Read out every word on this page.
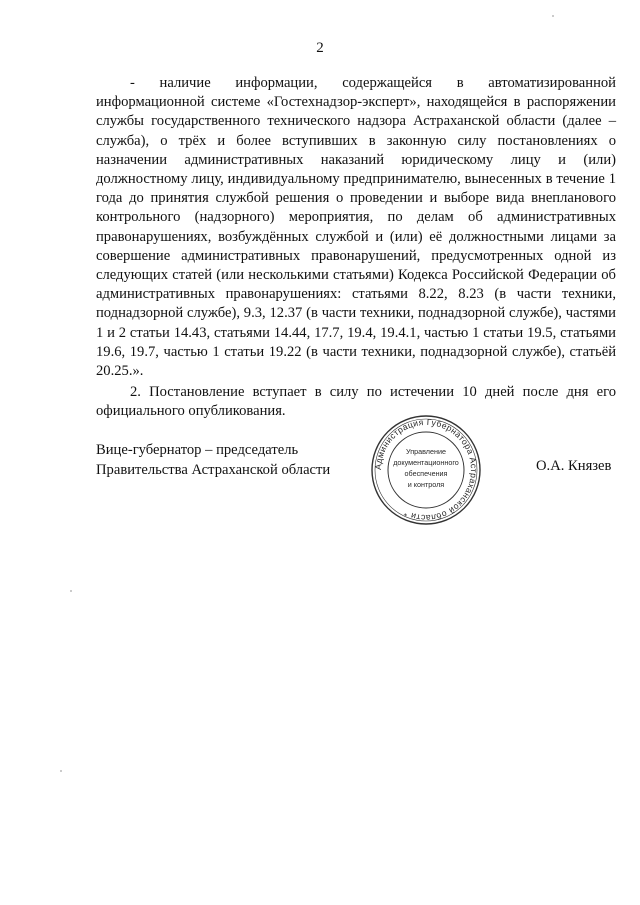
2

- наличие информации, содержащейся в автоматизированной информационной системе «Гостехнадзор-эксперт», находящейся в распоряжении службы государственного технического надзора Астраханской области (далее – служба), о трёх и более вступивших в законную силу постановлениях о назначении административных наказаний юридическому лицу и (или) должностному лицу, индивидуальному предпринимателю, вынесенных в течение 1 года до принятия службой решения о проведении и выборе вида внепланового контрольного (надзорного) мероприятия, по делам об административных правонарушениях, возбуждённых службой и (или) её должностными лицами за совершение административных правонарушений, предусмотренных одной из следующих статей (или несколькими статьями) Кодекса Российской Федерации об административных правонарушениях: статьями 8.22, 8.23 (в части техники, поднадзорной службе), 9.3, 12.37 (в части техники, поднадзорной службе), частями 1 и 2 статьи 14.43, статьями 14.44, 17.7, 19.4, 19.4.1, частью 1 статьи 19.5, статьями 19.6, 19.7, частью 1 статьи 19.22 (в части техники, поднадзорной службе), статьёй 20.25.».

2. Постановление вступает в силу по истечении 10 дней после дня его официального опубликования.

Вице-губернатор – председатель
Правительства Астраханской области	Администрация Губернатора Астраханской области *
Управление
документационного
обеспечения
и контроля
О.А. Князев
